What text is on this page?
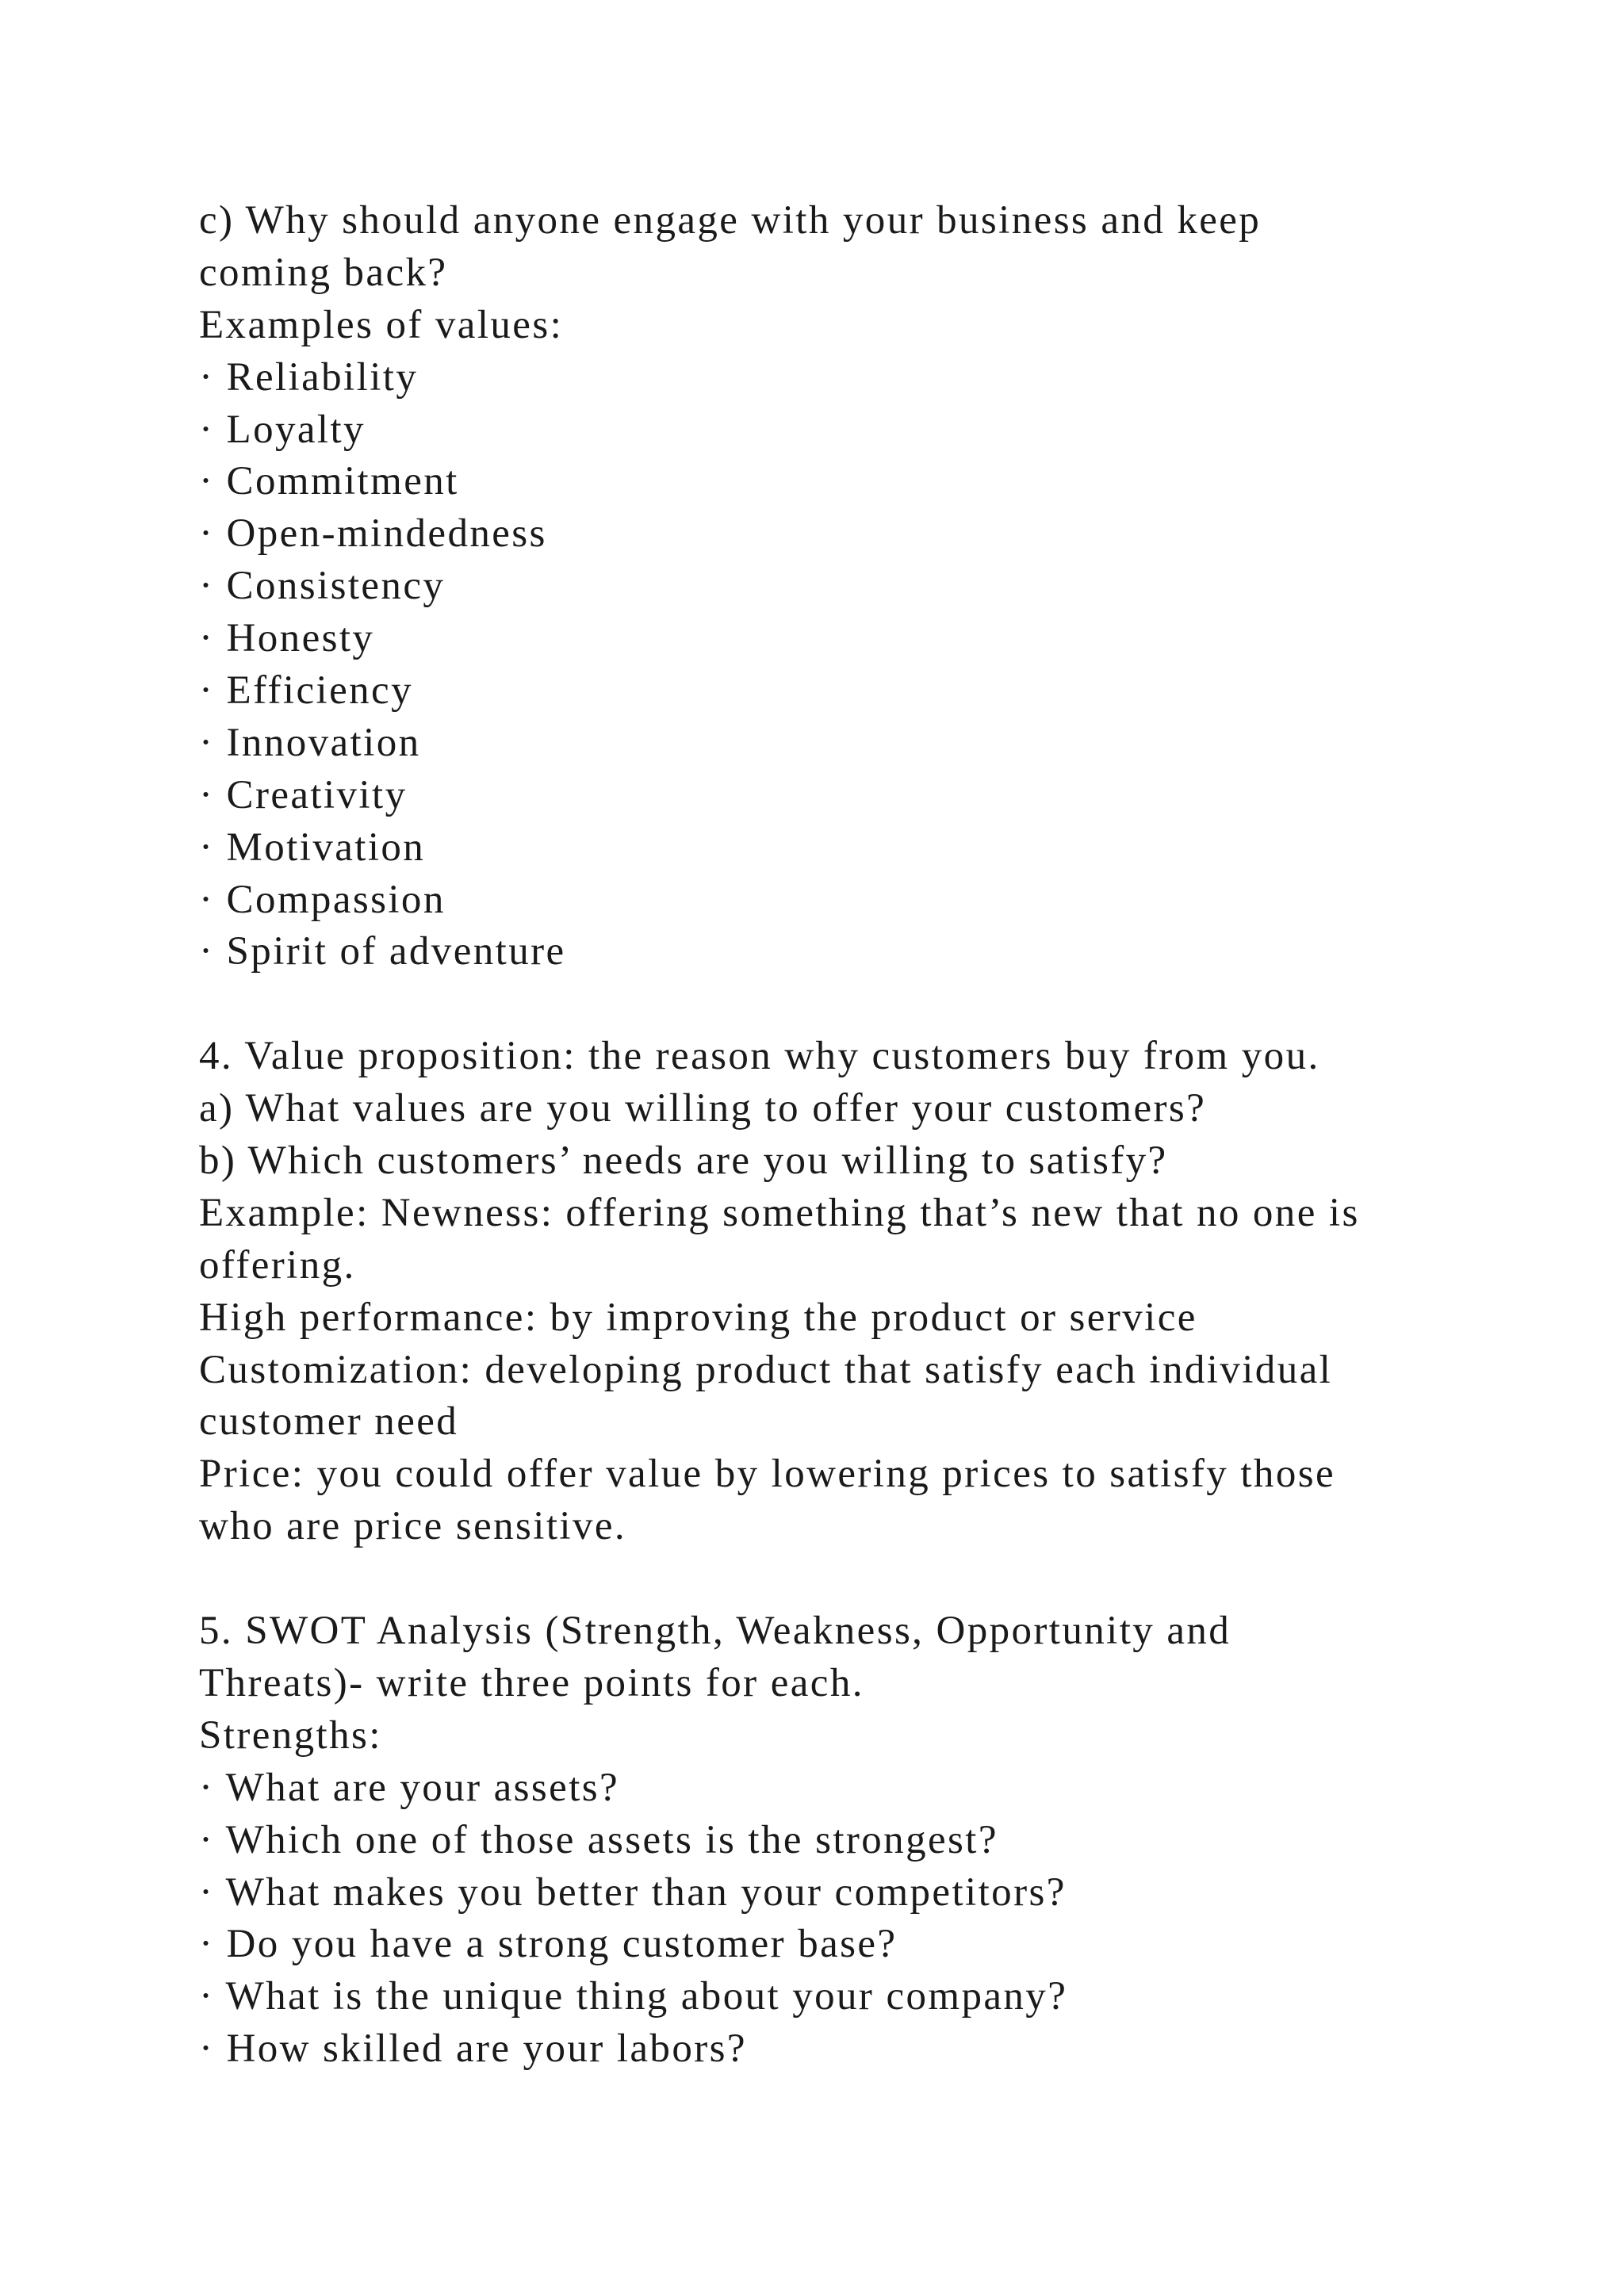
c) Why should anyone engage with your business and keep
coming back?
Examples of values:
· Reliability
· Loyalty
· Commitment
· Open-mindedness
· Consistency
· Honesty
· Efficiency
· Innovation
· Creativity
· Motivation
· Compassion
· Spirit of adventure
4. Value proposition: the reason why customers buy from you.
a) What values are you willing to offer your customers?
b) Which customers’ needs are you willing to satisfy?
Example: Newness: offering something that’s new that no one is
offering.
High performance: by improving the product or service
Customization: developing product that satisfy each individual
customer need
Price: you could offer value by lowering prices to satisfy those
who are price sensitive.
5. SWOT Analysis (Strength, Weakness, Opportunity and
Threats)- write three points for each.
Strengths:
· What are your assets?
· Which one of those assets is the strongest?
· What makes you better than your competitors?
· Do you have a strong customer base?
· What is the unique thing about your company?
· How skilled are your labors?
